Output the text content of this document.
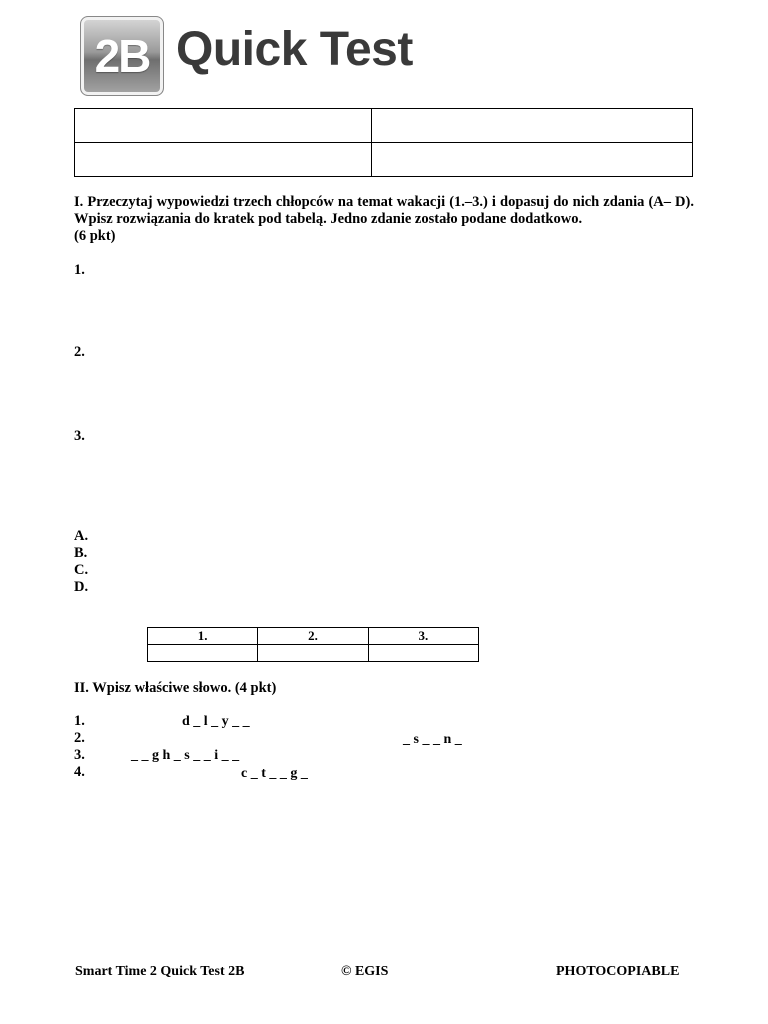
2B Quick Test

I. Przeczytaj wypowiedzi trzech chłopców na temat wakacji (1.–3.) i dopasuj do nich zdania (A– D). Wpisz rozwiązania do kratek pod tabelą. Jedno zdanie zostało podane dodatkowo.
(6 pkt)
1.
2.
3.
A.
B.
C.
D.
1.	2.	3.

II. Wpisz właściwe słowo. (4 pkt)
1.	d _ l _ y _ _
2.	_ s _ _ n _
3.	_ _ g h _ s _ _ i _ _
4.	c _ t _ _ g _
Smart Time 2 Quick Test 2B	© EGIS	PHOTOCOPIABLE
